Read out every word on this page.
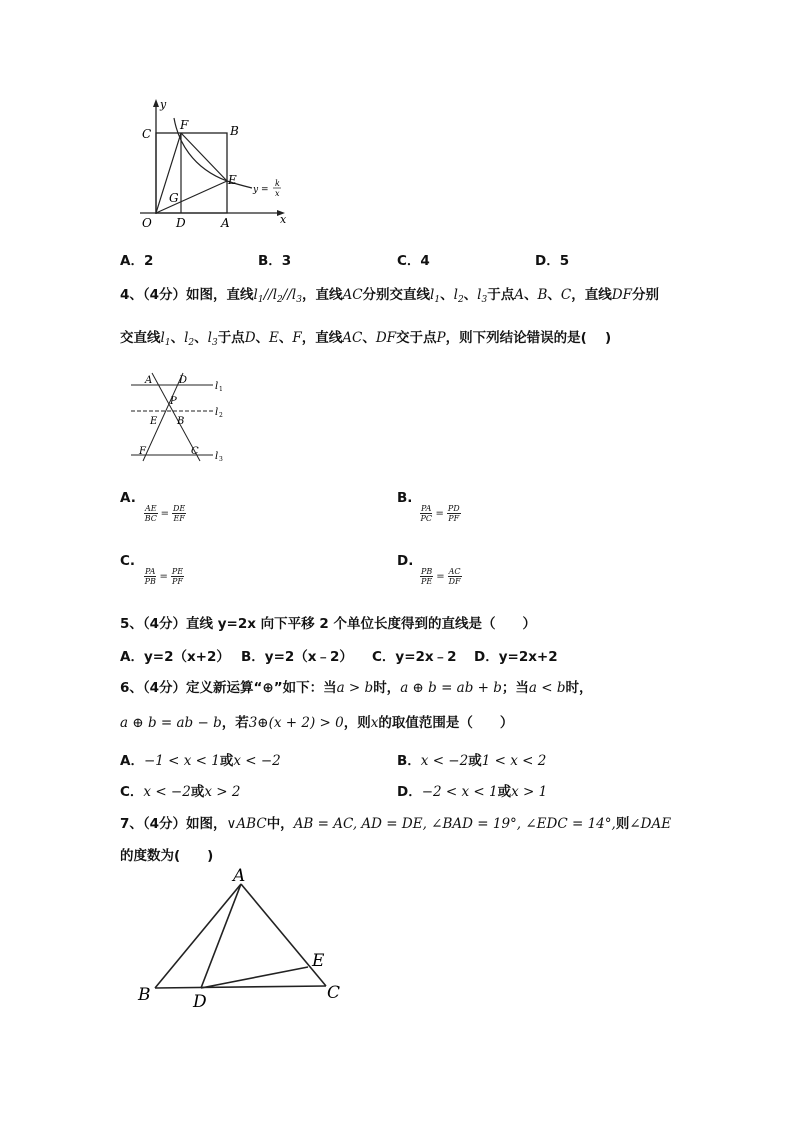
y
x
C
F	B
E
G
O D	A
y =
k
x
A．2	B．3	C．4	D．5
4、（4分）如图，直线$l_1//l_2//l_3$，直线AC分别交直线$l_1$、$l_2$、$l_3$于点A、B、C，直线DF分别
交直线$l_1$、$l_2$、$l_3$于点D、E、F，直线AC、DF交于点P，则下列结论错误的是(　 )
A	D
P
E B
F	C
l 1
l 2
l 3
A.
$\frac{AE}{BC} = \frac{DE}{EF}$
B.
$\frac{PA}{PC} = \frac{PD}{PF}$
C.
$\frac{PA}{PB} = \frac{PE}{PF}$
D.
$\frac{PB}{PE} = \frac{AC}{DF}$
5、（4分）直线 y=2x 向下平移 2 个单位长度得到的直线是（　　）
A．y=2（x+2） B．y=2（x﹣2） C．y=2x﹣2 D．y=2x+2
6、（4分）定义新运算“⊕”如下：当a > b时，a ⊕ b = ab + b；当a < b时，
a ⊕ b = ab − b，若3⊕(x + 2) > 0，则x的取值范围是（　　）
A．−1 < x < 1或x < −2	B．x < −2或1 < x < 2
C．x < −2或x > 2	D．−2 < x < 1或x > 1
7、（4分）如图，∨ABC中，AB = AC, AD = DE, ∠BAD = 19°, ∠EDC = 14°,则∠DAE
的度数为(　　)
A
B	C
D
E
